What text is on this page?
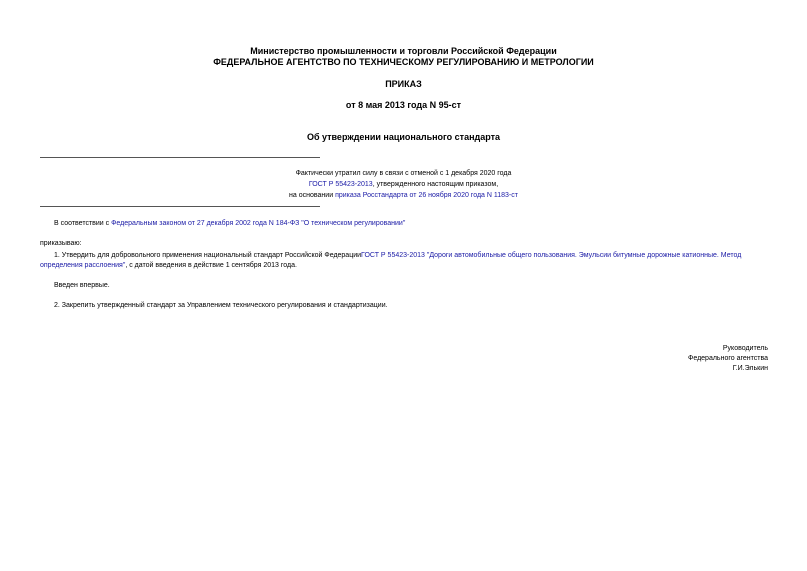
Министерство промышленности и торговли Российской Федерации
ФЕДЕРАЛЬНОЕ АГЕНТСТВО ПО ТЕХНИЧЕСКОМУ РЕГУЛИРОВАНИЮ И МЕТРОЛОГИИ
ПРИКАЗ
от 8 мая 2013 года N 95-ст
Об утверждении национального стандарта
Фактически утратил силу в связи с отменой с 1 декабря 2020 года
ГОСТ Р 55423-2013, утвержденного настоящим приказом,
на основании приказа Росстандарта от 26 ноября 2020 года N 1183-ст
В соответствии с Федеральным законом от 27 декабря 2002 года N 184-ФЗ "О техническом регулировании"
приказываю:
1. Утвердить для добровольного применения национальный стандарт Российской ФедерацииГОСТ Р 55423-2013 "Дороги автомобильные общего пользования. Эмульсии битумные дорожные катионные. Метод определения расслоения", с датой введения в действие 1 сентября 2013 года.
Введен впервые.
2. Закрепить утвержденный стандарт за Управлением технического регулирования и стандартизации.
Руководитель
Федерального агентства
Г.И.Элькин
